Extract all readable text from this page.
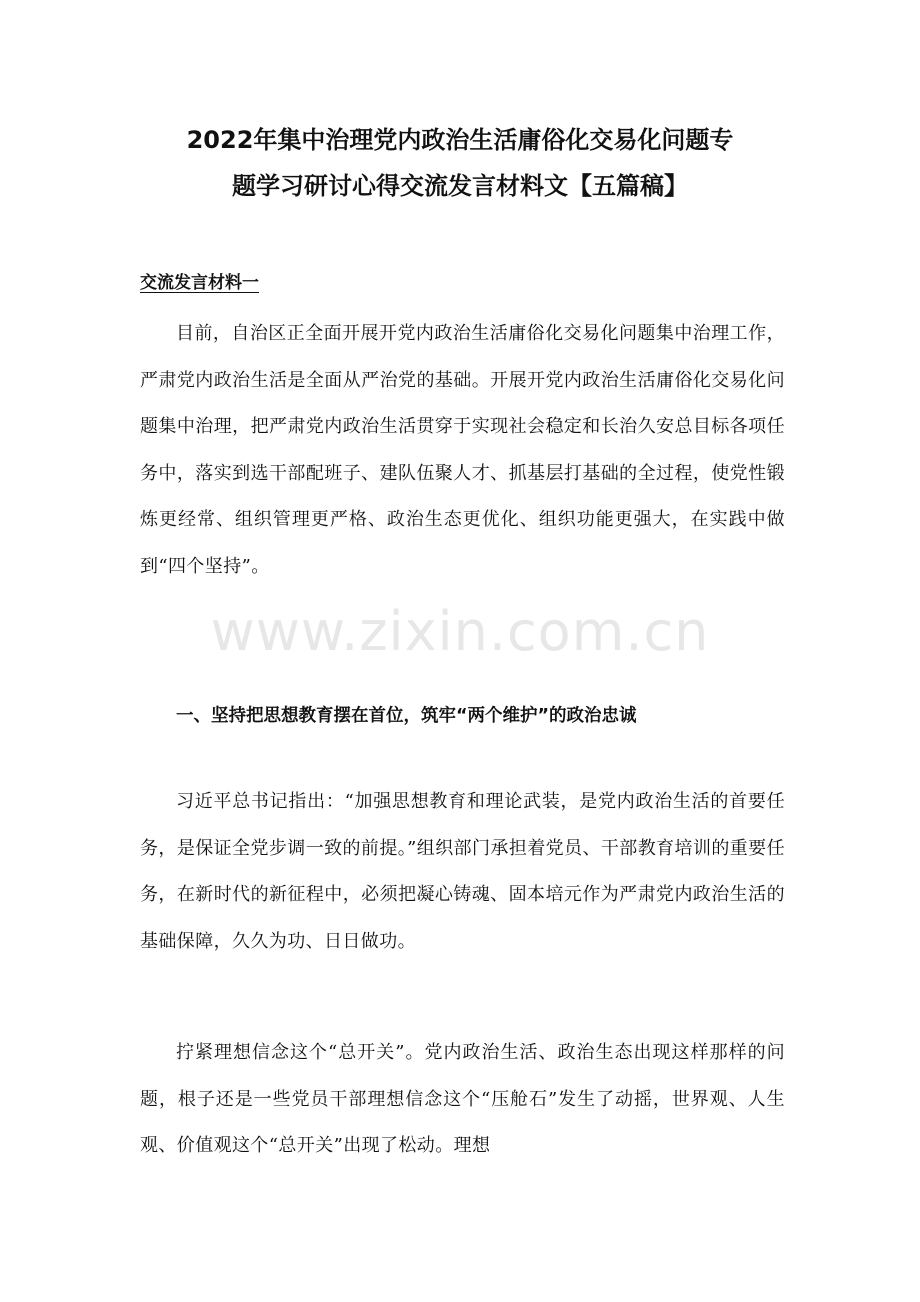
2022年集中治理党内政治生活庸俗化交易化问题专
题学习研讨心得交流发言材料文【五篇稿】
交流发言材料一

目前，自治区正全面开展开党内政治生活庸俗化交易化问题集中治理工作，严肃党内政治生活是全面从严治党的基础。开展开党内政治生活庸俗化交易化问题集中治理，把严肃党内政治生活贯穿于实现社会稳定和长治久安总目标各项任务中，落实到选干部配班子、建队伍聚人才、抓基层打基础的全过程，使党性锻炼更经常、组织管理更严格、政治生态更优化、组织功能更强大，在实践中做到“四个坚持”。

一、坚持把思想教育摆在首位，筑牢“两个维护”的政治忠诚

习近平总书记指出：“加强思想教育和理论武装，是党内政治生活的首要任务，是保证全党步调一致的前提。”组织部门承担着党员、干部教育培训的重要任务，在新时代的新征程中，必须把凝心铸魂、固本培元作为严肃党内政治生活的基础保障，久久为功、日日做功。

拧紧理想信念这个“总开关”。党内政治生活、政治生态出现这样那样的问题，根子还是一些党员干部理想信念这个“压舱石”发生了动摇，世界观、人生观、价值观这个“总开关”出现了松动。理想

www.zixin.com.cn
